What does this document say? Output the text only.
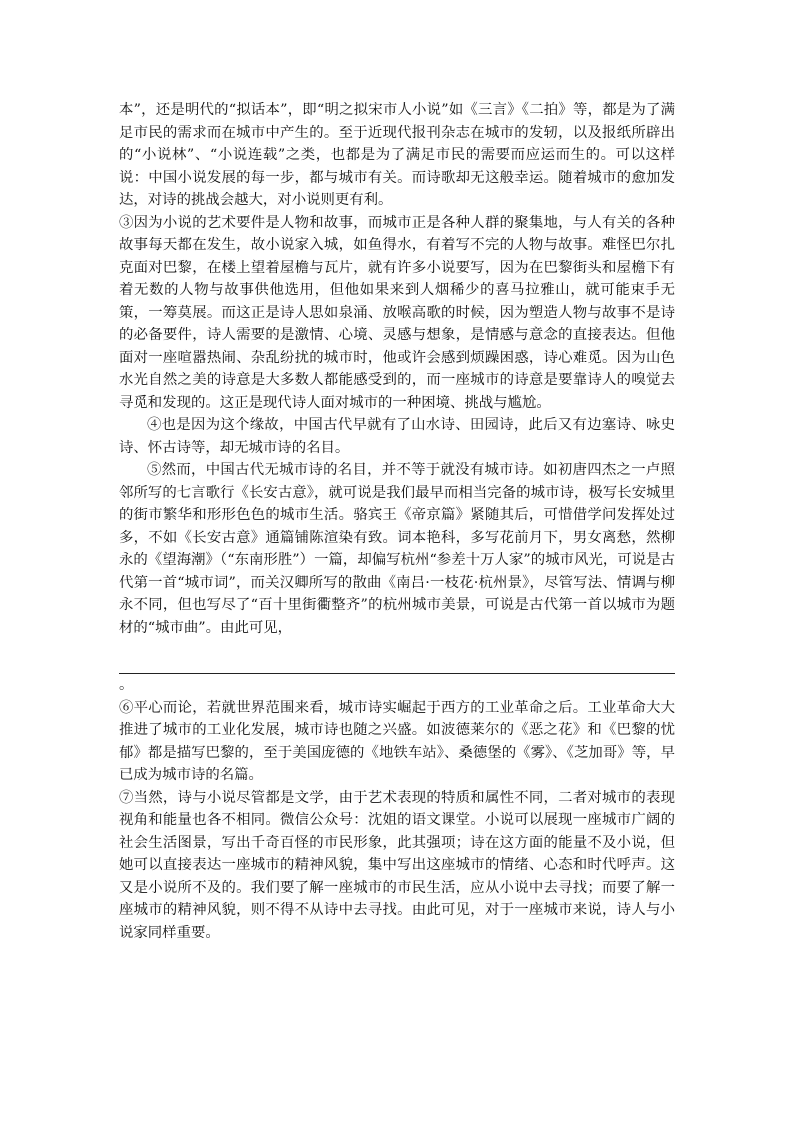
本”，还是明代的“拟话本”，即“明之拟宋市人小说”如《三言》《二拍》等，都是为了满足市民的需求而在城市中产生的。至于近现代报刊杂志在城市的发轫，以及报纸所辟出的“小说林”、“小说连载”之类，也都是为了满足市民的需要而应运而生的。可以这样说：中国小说发展的每一步，都与城市有关。而诗歌却无这般幸运。随着城市的愈加发达，对诗的挑战会越大，对小说则更有利。

③因为小说的艺术要件是人物和故事，而城市正是各种人群的聚集地，与人有关的各种故事每天都在发生，故小说家入城，如鱼得水，有着写不完的人物与故事。难怪巴尔扎克面对巴黎，在楼上望着屋檐与瓦片，就有许多小说要写，因为在巴黎街头和屋檐下有着无数的人物与故事供他选用，但他如果来到人烟稀少的喜马拉雅山，就可能束手无策，一筹莫展。而这正是诗人思如泉涌、放喉高歌的时候，因为塑造人物与故事不是诗的必备要件，诗人需要的是激情、心境、灵感与想象，是情感与意念的直接表达。但他面对一座喧嚣热闹、杂乱纷扰的城市时，他或许会感到烦躁困惑，诗心难觅。因为山色水光自然之美的诗意是大多数人都能感受到的，而一座城市的诗意是要靠诗人的嗅觉去寻觅和发现的。这正是现代诗人面对城市的一种困境、挑战与尴尬。

④也是因为这个缘故，中国古代早就有了山水诗、田园诗，此后又有边塞诗、咏史诗、怀古诗等，却无城市诗的名目。

⑤然而，中国古代无城市诗的名目，并不等于就没有城市诗。如初唐四杰之一卢照邻所写的七言歌行《长安古意》，就可说是我们最早而相当完备的城市诗，极写长安城里的街市繁华和形形色色的城市生活。骆宾王《帝京篇》紧随其后，可惜借学问发挥处过多，不如《长安古意》通篇铺陈渲染有致。词本艳科，多写花前月下，男女离愁，然柳永的《望海潮》（“东南形胜”）一篇，却偏写杭州“参差十万人家”的城市风光，可说是古代第一首“城市词”，而关汉卿所写的散曲《南吕·一枝花·杭州景》，尽管写法、情调与柳永不同，但也写尽了“百十里街衢整齐”的杭州城市美景，可说是古代第一首以城市为题材的“城市曲”。由此可见，

。

⑥平心而论，若就世界范围来看，城市诗实崛起于西方的工业革命之后。工业革命大大推进了城市的工业化发展，城市诗也随之兴盛。如波德莱尔的《恶之花》和《巴黎的忧郁》都是描写巴黎的，至于美国庞德的《地铁车站》、桑德堡的《雾》、《芝加哥》等，早已成为城市诗的名篇。

⑦当然，诗与小说尽管都是文学，由于艺术表现的特质和属性不同，二者对城市的表现视角和能量也各不相同。微信公众号：沈姐的语文课堂。小说可以展现一座城市广阔的社会生活图景，写出千奇百怪的市民形象，此其强项；诗在这方面的能量不及小说，但她可以直接表达一座城市的精神风貌，集中写出这座城市的情绪、心态和时代呼声。这又是小说所不及的。我们要了解一座城市的市民生活，应从小说中去寻找；而要了解一座城市的精神风貌，则不得不从诗中去寻找。由此可见，对于一座城市来说，诗人与小说家同样重要。
